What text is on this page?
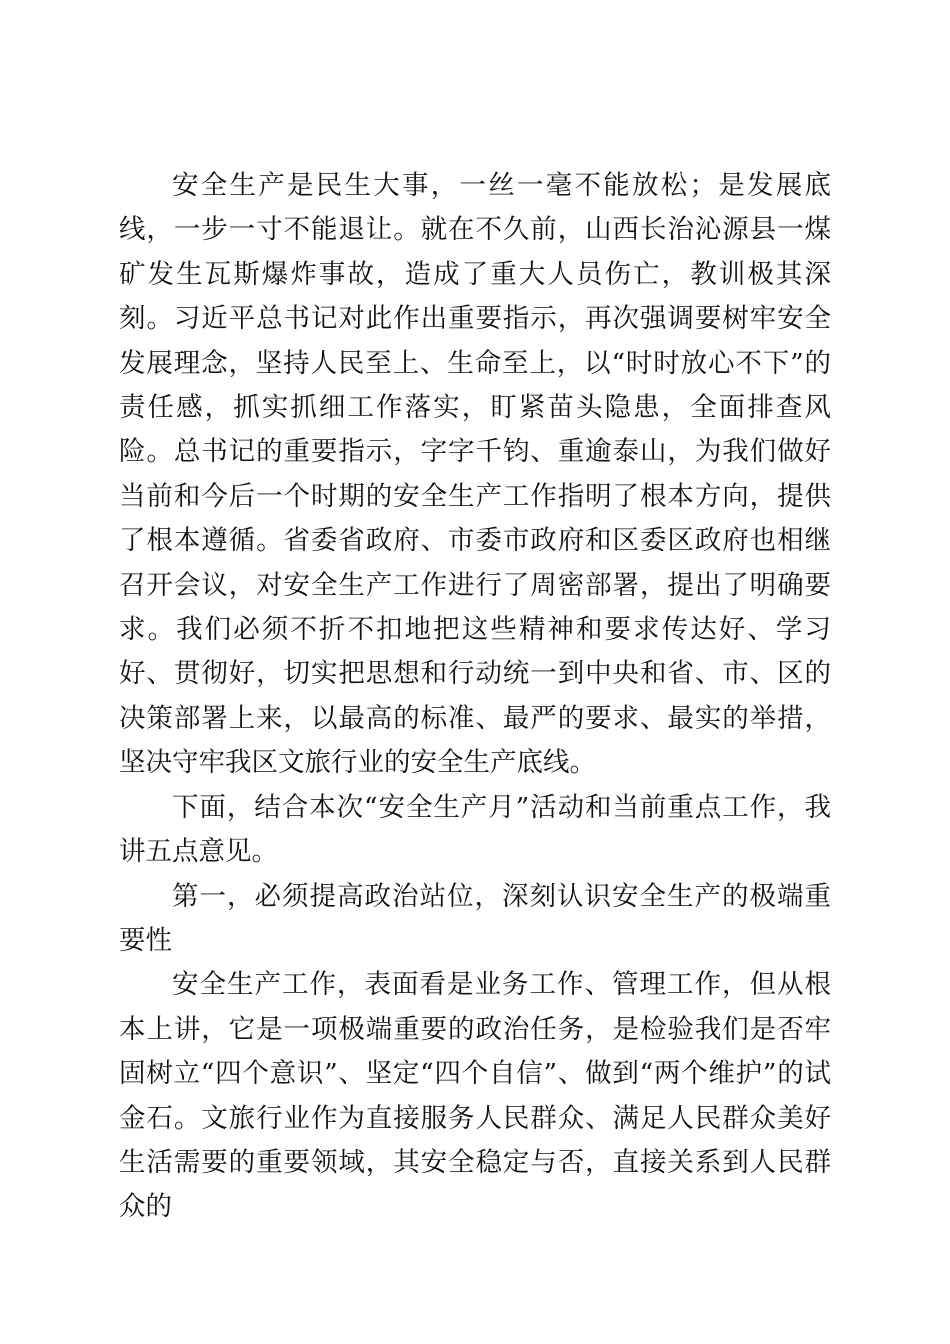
安全生产是民生大事，一丝一毫不能放松；是发展底线，一步一寸不能退让。就在不久前，山西长治沁源县一煤矿发生瓦斯爆炸事故，造成了重大人员伤亡，教训极其深刻。习近平总书记对此作出重要指示，再次强调要树牢安全发展理念，坚持人民至上、生命至上，以“时时放心不下”的责任感，抓实抓细工作落实，盯紧苗头隐患，全面排查风险。总书记的重要指示，字字千钧、重逾泰山，为我们做好当前和今后一个时期的安全生产工作指明了根本方向，提供了根本遵循。省委省政府、市委市政府和区委区政府也相继召开会议，对安全生产工作进行了周密部署，提出了明确要求。我们必须不折不扣地把这些精神和要求传达好、学习好、贯彻好，切实把思想和行动统一到中央和省、市、区的决策部署上来，以最高的标准、最严的要求、最实的举措，坚决守牢我区文旅行业的安全生产底线。

下面，结合本次“安全生产月”活动和当前重点工作，我讲五点意见。

第一，必须提高政治站位，深刻认识安全生产的极端重要性

安全生产工作，表面看是业务工作、管理工作，但从根本上讲，它是一项极端重要的政治任务，是检验我们是否牢固树立“四个意识”、坚定“四个自信”、做到“两个维护”的试金石。文旅行业作为直接服务人民群众、满足人民群众美好生活需要的重要领域，其安全稳定与否，直接关系到人民群众的
